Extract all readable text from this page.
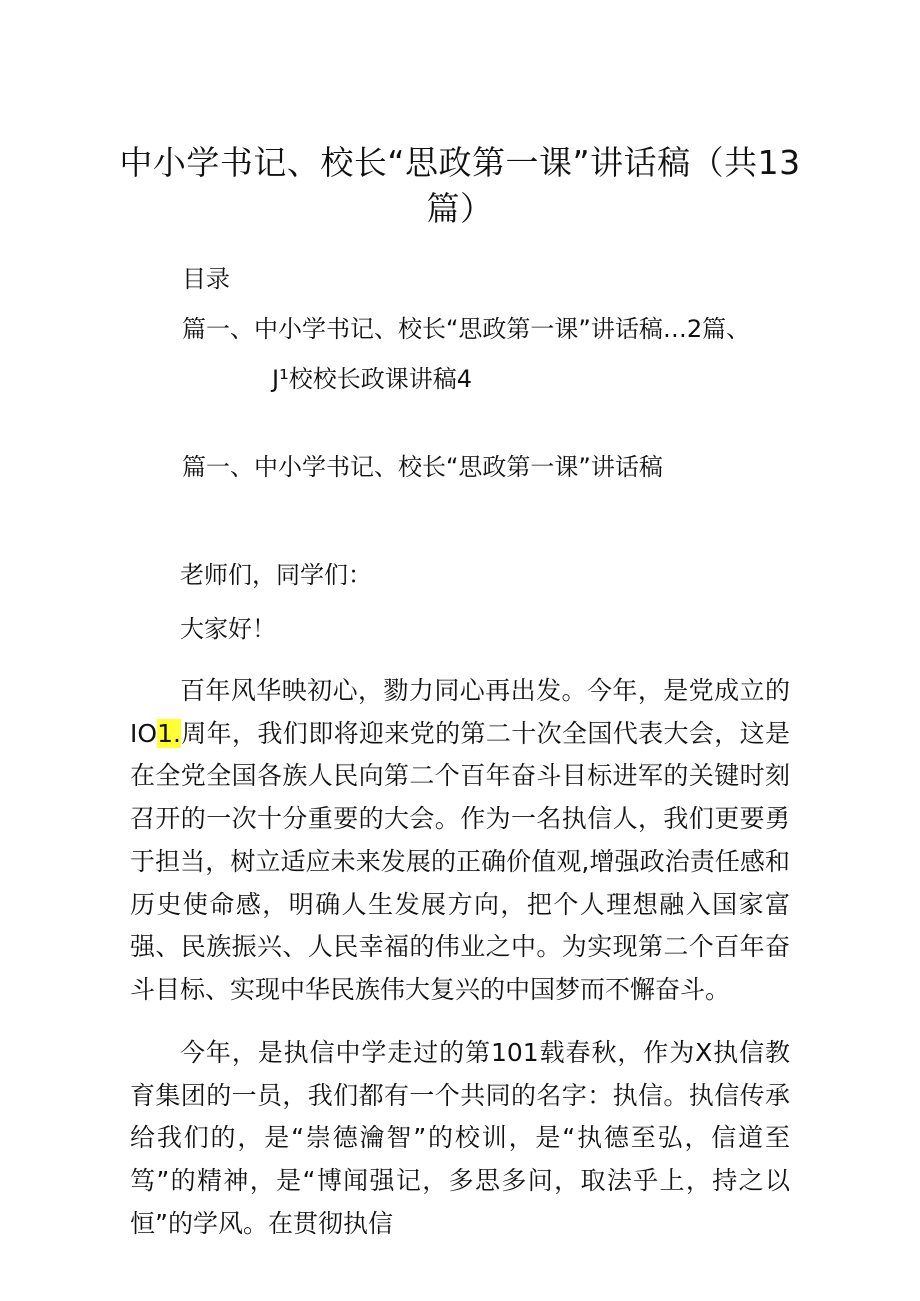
中小学书记、校长“思政第一课”讲话稿（共13篇）
目录
篇一、中小学书记、校长“思政第一课”讲话稿…2篇、
J¹校校长政课讲稿4
篇一、中小学书记、校长“思政第一课”讲话稿
老师们，同学们：
大家好！

百年风华映初心，勠力同心再出发。今年，是党成立的IO1.周年，我们即将迎来党的第二十次全国代表大会，这是在全党全国各族人民向第二个百年奋斗目标进军的关键时刻召开的一次十分重要的大会。作为一名执信人，我们更要勇于担当，树立适应未来发展的正确价值观,增强政治责任感和历史使命感，明确人生发展方向，把个人理想融入国家富强、民族振兴、人民幸福的伟业之中。为实现第二个百年奋斗目标、实现中华民族伟大复兴的中国梦而不懈奋斗。

今年，是执信中学走过的第101载春秋，作为X执信教育集团的一员，我们都有一个共同的名字：执信。执信传承给我们的，是“崇德瀹智”的校训，是“执德至弘，信道至笃”的精神，是“博闻强记，多思多问，取法乎上，持之以恒”的学风。在贯彻执信
